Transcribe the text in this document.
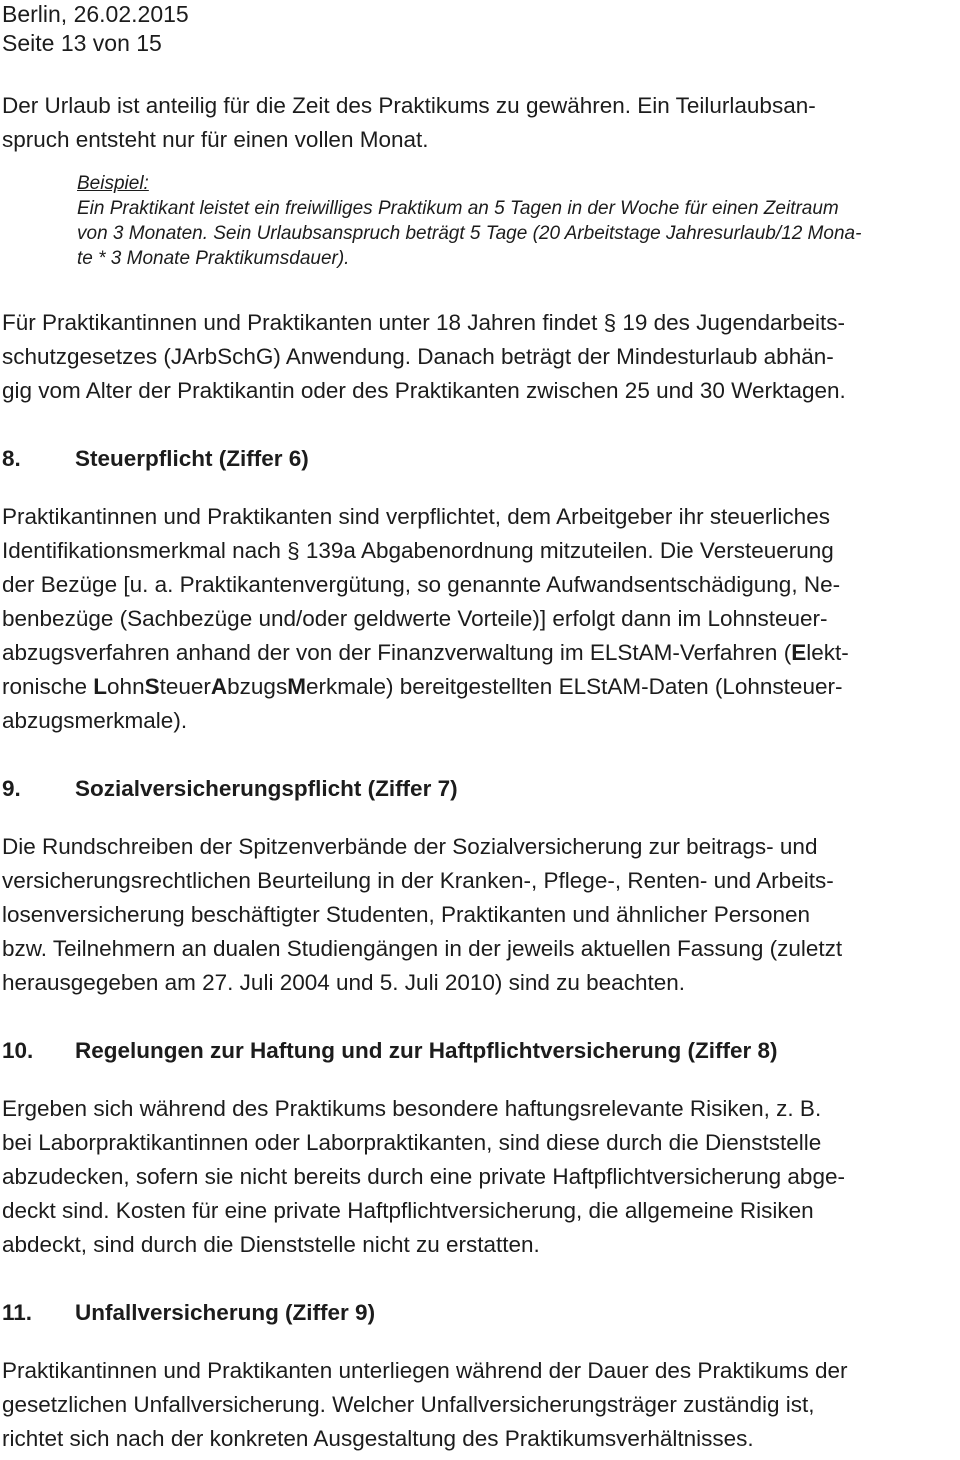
Berlin, 26.02.2015
Seite 13 von 15
Der Urlaub ist anteilig für die Zeit des Praktikums zu gewähren. Ein Teilurlaubsan-
spruch entsteht nur für einen vollen Monat.
Beispiel:
Ein Praktikant leistet ein freiwilliges Praktikum an 5 Tagen in der Woche für einen Zeitraum
von 3 Monaten. Sein Urlaubsanspruch beträgt 5 Tage (20 Arbeitstage Jahresurlaub/12 Mona-
te * 3 Monate Praktikumsdauer).
Für Praktikantinnen und Praktikanten unter 18 Jahren findet § 19 des Jugendarbeits-
schutzgesetzes (JArbSchG) Anwendung. Danach beträgt der Mindesturlaub abhän-
gig vom Alter der Praktikantin oder des Praktikanten zwischen 25 und 30 Werktagen.
8.	Steuerpflicht (Ziffer 6)
Praktikantinnen und Praktikanten sind verpflichtet, dem Arbeitgeber ihr steuerliches
Identifikationsmerkmal nach § 139a Abgabenordnung mitzuteilen. Die Versteuerung
der Bezüge [u. a. Praktikantenvergütung, so genannte Aufwandsentschädigung, Ne-
benbezüge (Sachbezüge und/oder geldwerte Vorteile)] erfolgt dann im Lohnsteuer-
abzugsverfahren anhand der von der Finanzverwaltung im ELStAM-Verfahren (Elekt-
ronische LohnSteuerAbzugsMerkmale) bereitgestellten ELStAM-Daten (Lohnsteuer-
abzugsmerkmale).
9.	Sozialversicherungspflicht (Ziffer 7)
Die Rundschreiben der Spitzenverbände der Sozialversicherung zur beitrags- und
versicherungsrechtlichen Beurteilung in der Kranken-, Pflege-, Renten- und Arbeits-
losenversicherung beschäftigter Studenten, Praktikanten und ähnlicher Personen
bzw. Teilnehmern an dualen Studiengängen in der jeweils aktuellen Fassung (zuletzt
herausgegeben am 27. Juli 2004 und 5. Juli 2010) sind zu beachten.
10.	Regelungen zur Haftung und zur Haftpflichtversicherung (Ziffer 8)
Ergeben sich während des Praktikums besondere haftungsrelevante Risiken, z. B.
bei Laborpraktikantinnen oder Laborpraktikanten, sind diese durch die Dienststelle
abzudecken, sofern sie nicht bereits durch eine private Haftpflichtversicherung abge-
deckt sind. Kosten für eine private Haftpflichtversicherung, die allgemeine Risiken
abdeckt, sind durch die Dienststelle nicht zu erstatten.
11.	Unfallversicherung (Ziffer 9)
Praktikantinnen und Praktikanten unterliegen während der Dauer des Praktikums der
gesetzlichen Unfallversicherung. Welcher Unfallversicherungsträger zuständig ist,
richtet sich nach der konkreten Ausgestaltung des Praktikumsverhältnisses.
